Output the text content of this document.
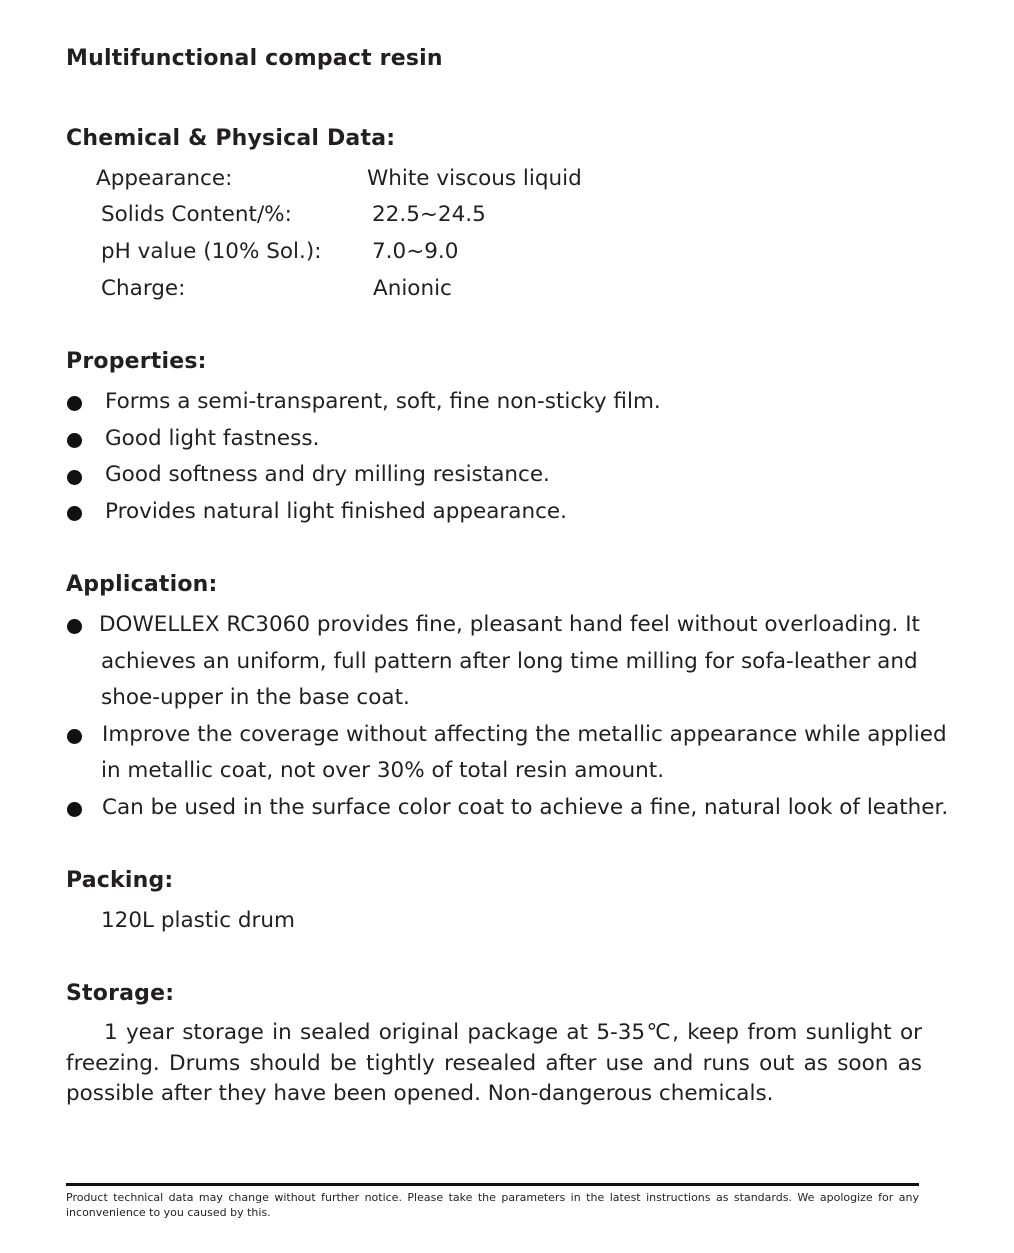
Multifunctional compact resin
Chemical & Physical Data:
Appearance:	White viscous liquid
Solids Content/%:	22.5~24.5
pH value (10% Sol.): 7.0~9.0
Charge:	Anionic
Properties:
Forms a semi-transparent, soft, fine non-sticky film.
Good light fastness.
Good softness and dry milling resistance.
Provides natural light finished appearance.
Application:
DOWELLEX RC3060 provides fine, pleasant hand feel without overloading. It
achieves an uniform, full pattern after long time milling for sofa-leather and
shoe-upper in the base coat.
Improve the coverage without affecting the metallic appearance while applied
in metallic coat, not over 30% of total resin amount.
Can be used in the surface color coat to achieve a fine, natural look of leather.
Packing:
120L plastic drum
Storage:
1 year storage in sealed original package at 5-35℃, keep from sunlight or freezing. Drums should be tightly resealed after use and runs out as soon as possible after they have been opened. Non-dangerous chemicals.
Product technical data may change without further notice. Please take the parameters in the latest instructions as standards. We apologize for any inconvenience to you caused by this.
